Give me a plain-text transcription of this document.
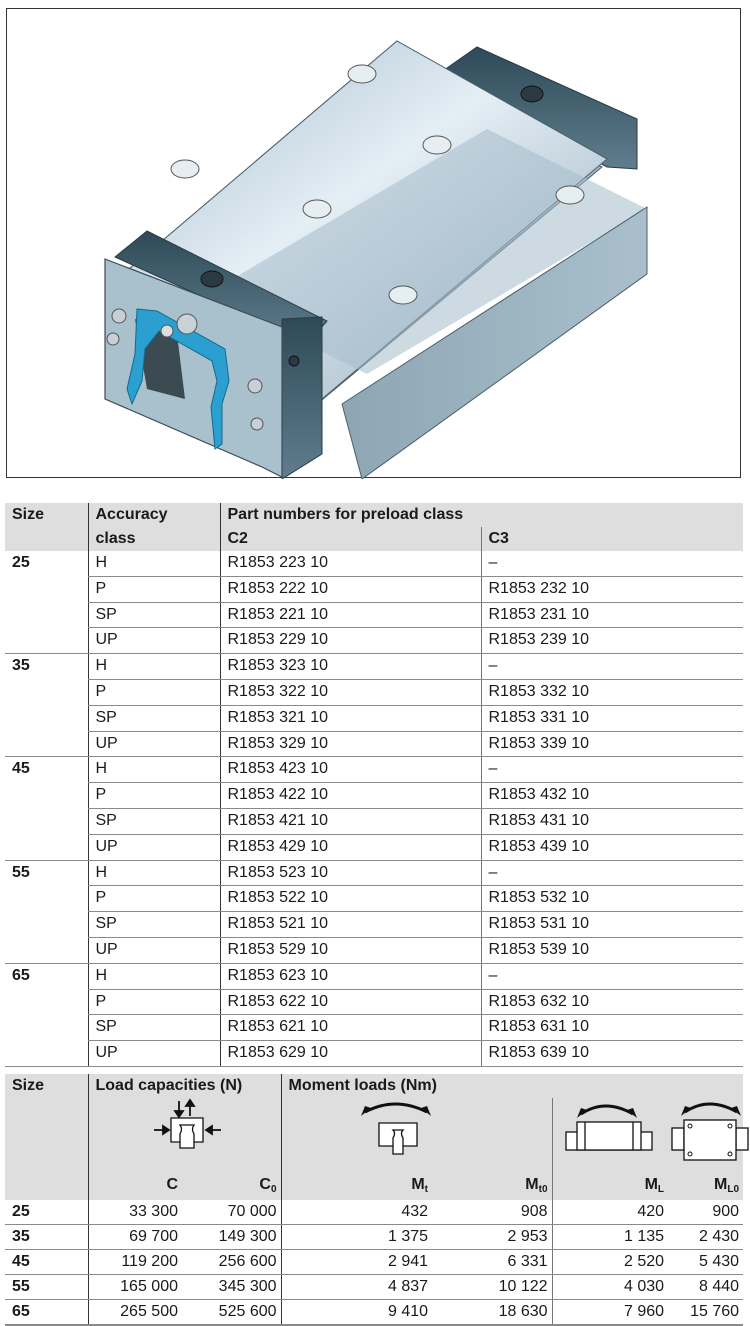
Size	Accuracy	Part numbers for preload class	
	class	C2	C3
25	H	R1853 223 10	–
	P	R1853 222 10	R1853 232 10
	SP	R1853 221 10	R1853 231 10
	UP	R1853 229 10	R1853 239 10
35	H	R1853 323 10	–
	P	R1853 322 10	R1853 332 10
	SP	R1853 321 10	R1853 331 10
	UP	R1853 329 10	R1853 339 10
45	H	R1853 423 10	–
	P	R1853 422 10	R1853 432 10
	SP	R1853 421 10	R1853 431 10
	UP	R1853 429 10	R1853 439 10
55	H	R1853 523 10	–
	P	R1853 522 10	R1853 532 10
	SP	R1853 521 10	R1853 531 10
	UP	R1853 529 10	R1853 539 10
65	H	R1853 623 10	–
	P	R1853 622 10	R1853 632 10
	SP	R1853 621 10	R1853 631 10
	UP	R1853 629 10	R1853 639 10
Size	Load capacities (N)		Moment loads (Nm)			

	C	$C_0$	$M_t$	$M_{t0}$	$M_L$	$M_{L0}$
25	33 300	70 000	432	908	420	900
35	69 700	149 300	1 375	2 953	1 135	2 430
45	119 200	256 600	2 941	6 331	2 520	5 430
55	165 000	345 300	4 837	10 122	4 030	8 440
65	265 500	525 600	9 410	18 630	7 960	15 760
